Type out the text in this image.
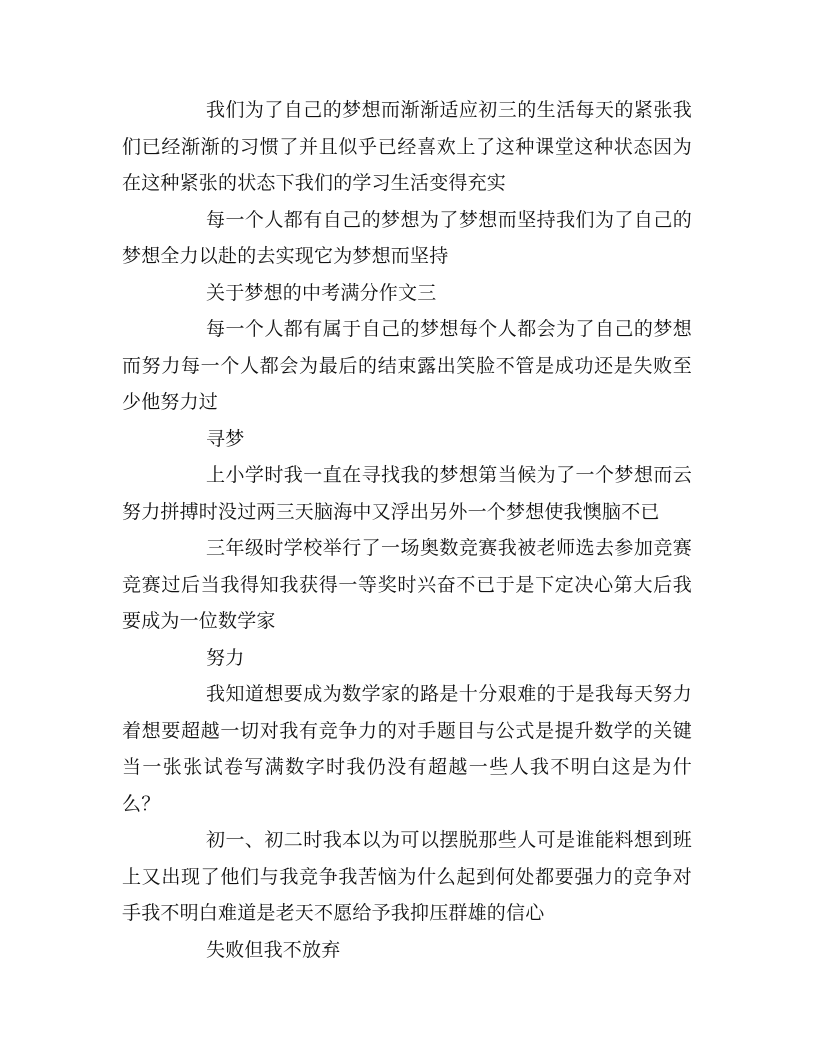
我们为了自己的梦想而渐渐适应初三的生活每天的紧张我们已经渐渐的习惯了并且似乎已经喜欢上了这种课堂这种状态因为在这种紧张的状态下我们的学习生活变得充实

每一个人都有自己的梦想为了梦想而坚持我们为了自己的梦想全力以赴的去实现它为梦想而坚持

关于梦想的中考满分作文三

每一个人都有属于自己的梦想每个人都会为了自己的梦想而努力每一个人都会为最后的结束露出笑脸不管是成功还是失败至少他努力过

寻梦

上小学时我一直在寻找我的梦想第当候为了一个梦想而云努力拼搏时没过两三天脑海中又浮出另外一个梦想使我懊脑不已

三年级时学校举行了一场奥数竞赛我被老师选去参加竞赛竞赛过后当我得知我获得一等奖时兴奋不已于是下定决心第大后我要成为一位数学家

努力

我知道想要成为数学家的路是十分艰难的于是我每天努力着想要超越一切对我有竞争力的对手题目与公式是提升数学的关键当一张张试卷写满数字时我仍没有超越一些人我不明白这是为什么？

初一、初二时我本以为可以摆脱那些人可是谁能料想到班上又出现了他们与我竞争我苦恼为什么起到何处都要强力的竞争对手我不明白难道是老天不愿给予我抑压群雄的信心

失败但我不放弃
